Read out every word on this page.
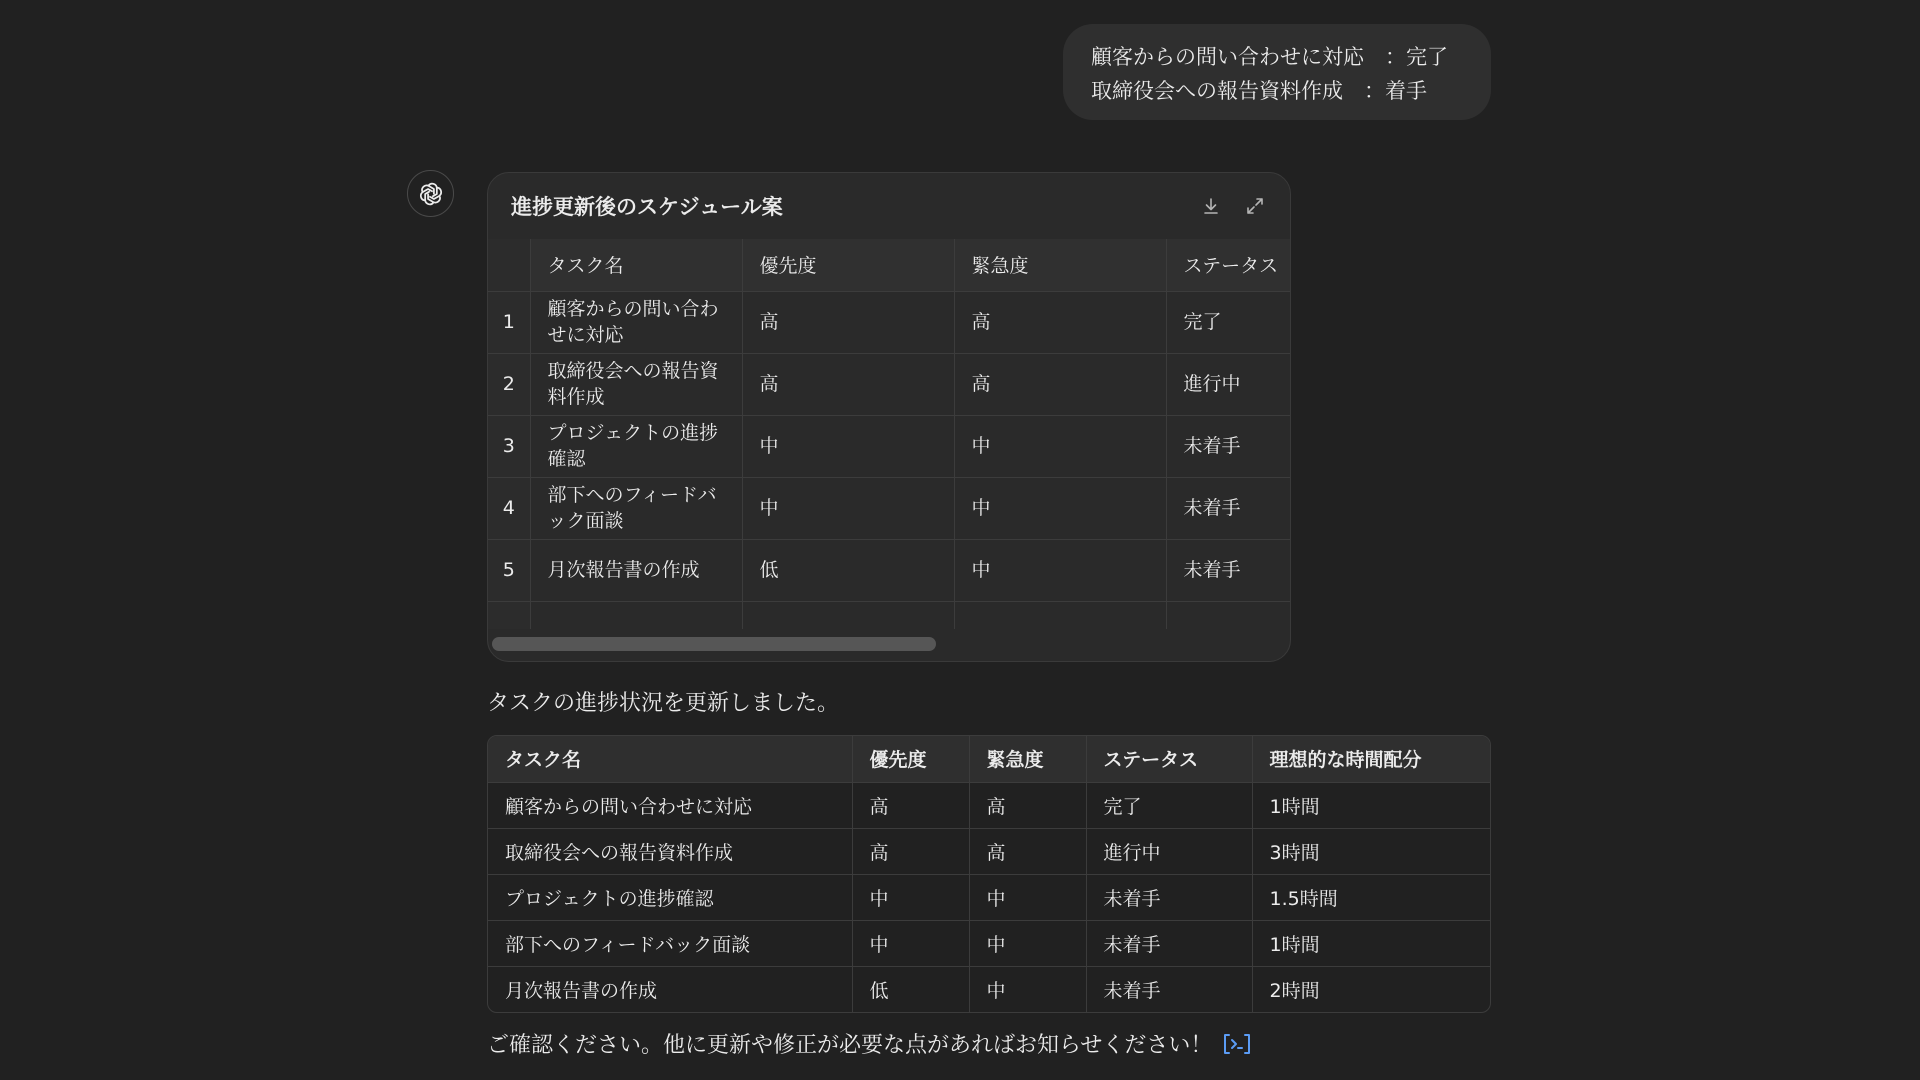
顧客からの問い合わせに対応　：完了
取締役会への報告資料作成　：着手
進捗更新後のスケジュール案
	タスク名	優先度	緊急度	ステータス
1	顧客からの問い合わせに対応	高	高	完了
2	取締役会への報告資料作成	高	高	進行中
3	プロジェクトの進捗確認	中	中	未着手
4	部下へのフィードバック面談	中	中	未着手
5	月次報告書の作成	低	中	未着手

タスクの進捗状況を更新しました。
タスク名	優先度	緊急度	ステータス	理想的な時間配分
顧客からの問い合わせに対応	高	高	完了	1時間
取締役会への報告資料作成	高	高	進行中	3時間
プロジェクトの進捗確認	中	中	未着手	1.5時間
部下へのフィードバック面談	中	中	未着手	1時間
月次報告書の作成	低	中	未着手	2時間
ご確認ください。他に更新や修正が必要な点があればお知らせください！
